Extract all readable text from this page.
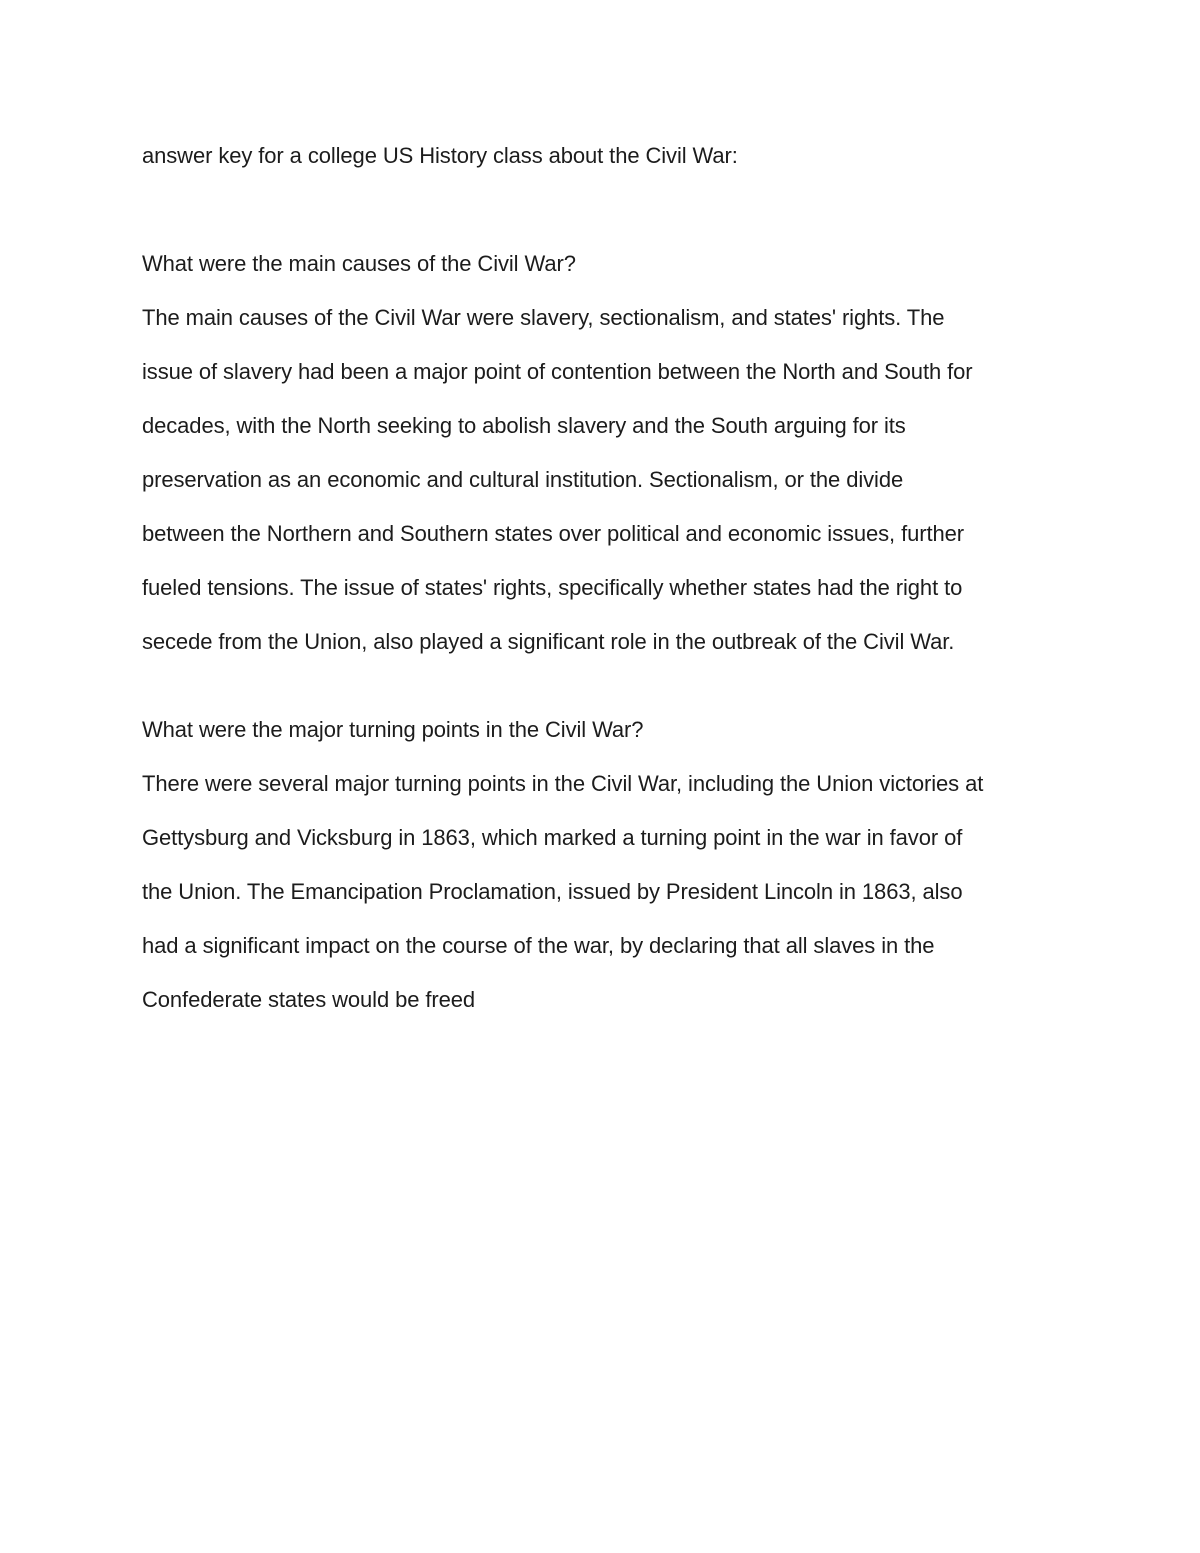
answer key for a college US History class about the Civil War:
What were the main causes of the Civil War?
The main causes of the Civil War were slavery, sectionalism, and states' rights. The
issue of slavery had been a major point of contention between the North and South for
decades, with the North seeking to abolish slavery and the South arguing for its
preservation as an economic and cultural institution. Sectionalism, or the divide
between the Northern and Southern states over political and economic issues, further
fueled tensions. The issue of states' rights, specifically whether states had the right to
secede from the Union, also played a significant role in the outbreak of the Civil War.
What were the major turning points in the Civil War?
There were several major turning points in the Civil War, including the Union victories at
Gettysburg and Vicksburg in 1863, which marked a turning point in the war in favor of
the Union. The Emancipation Proclamation, issued by President Lincoln in 1863, also
had a significant impact on the course of the war, by declaring that all slaves in the
Confederate states would be freed
